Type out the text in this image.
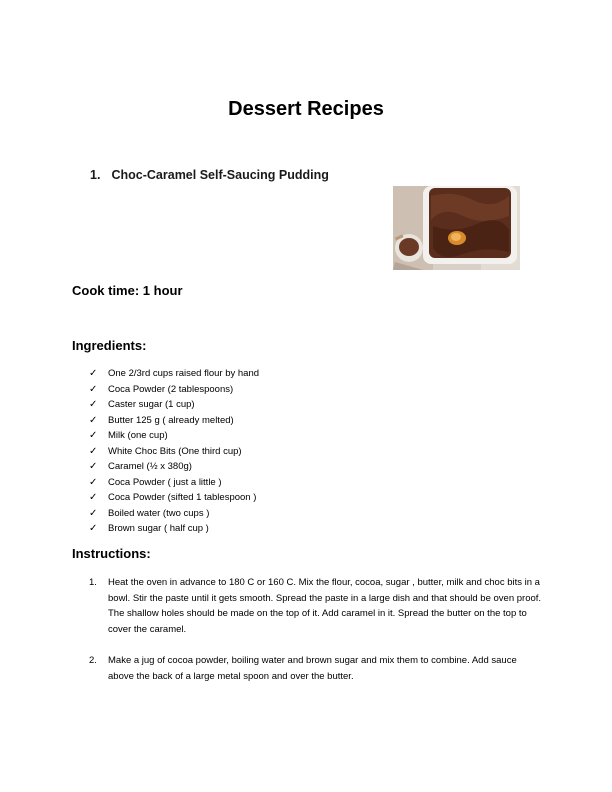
Dessert Recipes
1. Choc-Caramel Self-Saucing Pudding
Cook time: 1 hour
Ingredients:
✓ One 2/3rd cups raised flour by hand
✓ Coca Powder (2 tablespoons)
✓ Caster sugar (1 cup)
✓ Butter 125 g ( already melted)
✓ Milk (one cup)
✓ White Choc Bits (One third cup)
✓ Caramel (½ x 380g)
✓ Coca Powder ( just a little )
✓ Coca Powder (sifted 1 tablespoon )
✓ Boiled water (two cups )
✓ Brown sugar ( half cup )
Instructions:
1.	Heat the oven in advance to 180 C or 160 C. Mix the flour, cocoa, sugar , butter, milk and choc bits in a bowl. Stir the paste until it gets smooth. Spread the paste in a large dish and that should be oven proof. The shallow holes should be made on the top of it. Add caramel in it. Spread the butter on the top to cover the caramel.
2.	Make a jug of cocoa powder, boiling water and brown sugar and mix them to combine. Add sauce above the back of a large metal spoon and over the butter.
